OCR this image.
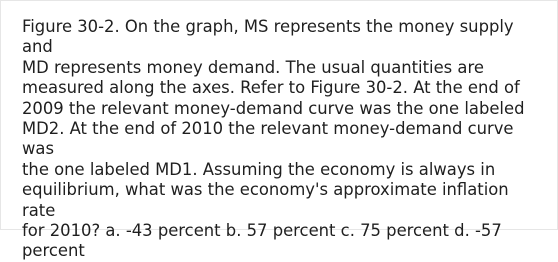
Figure 30-2. On the graph, MS represents the money supply and
MD represents money demand. The usual quantities are
measured along the axes. Refer to Figure 30-2. At the end of
2009 the relevant money-demand curve was the one labeled
MD2. At the end of 2010 the relevant money-demand curve was
the one labeled MD1. Assuming the economy is always in
equilibrium, what was the economy's approximate inflation rate
for 2010? a. -43 percent b. 57 percent c. 75 percent d. -57
percent
